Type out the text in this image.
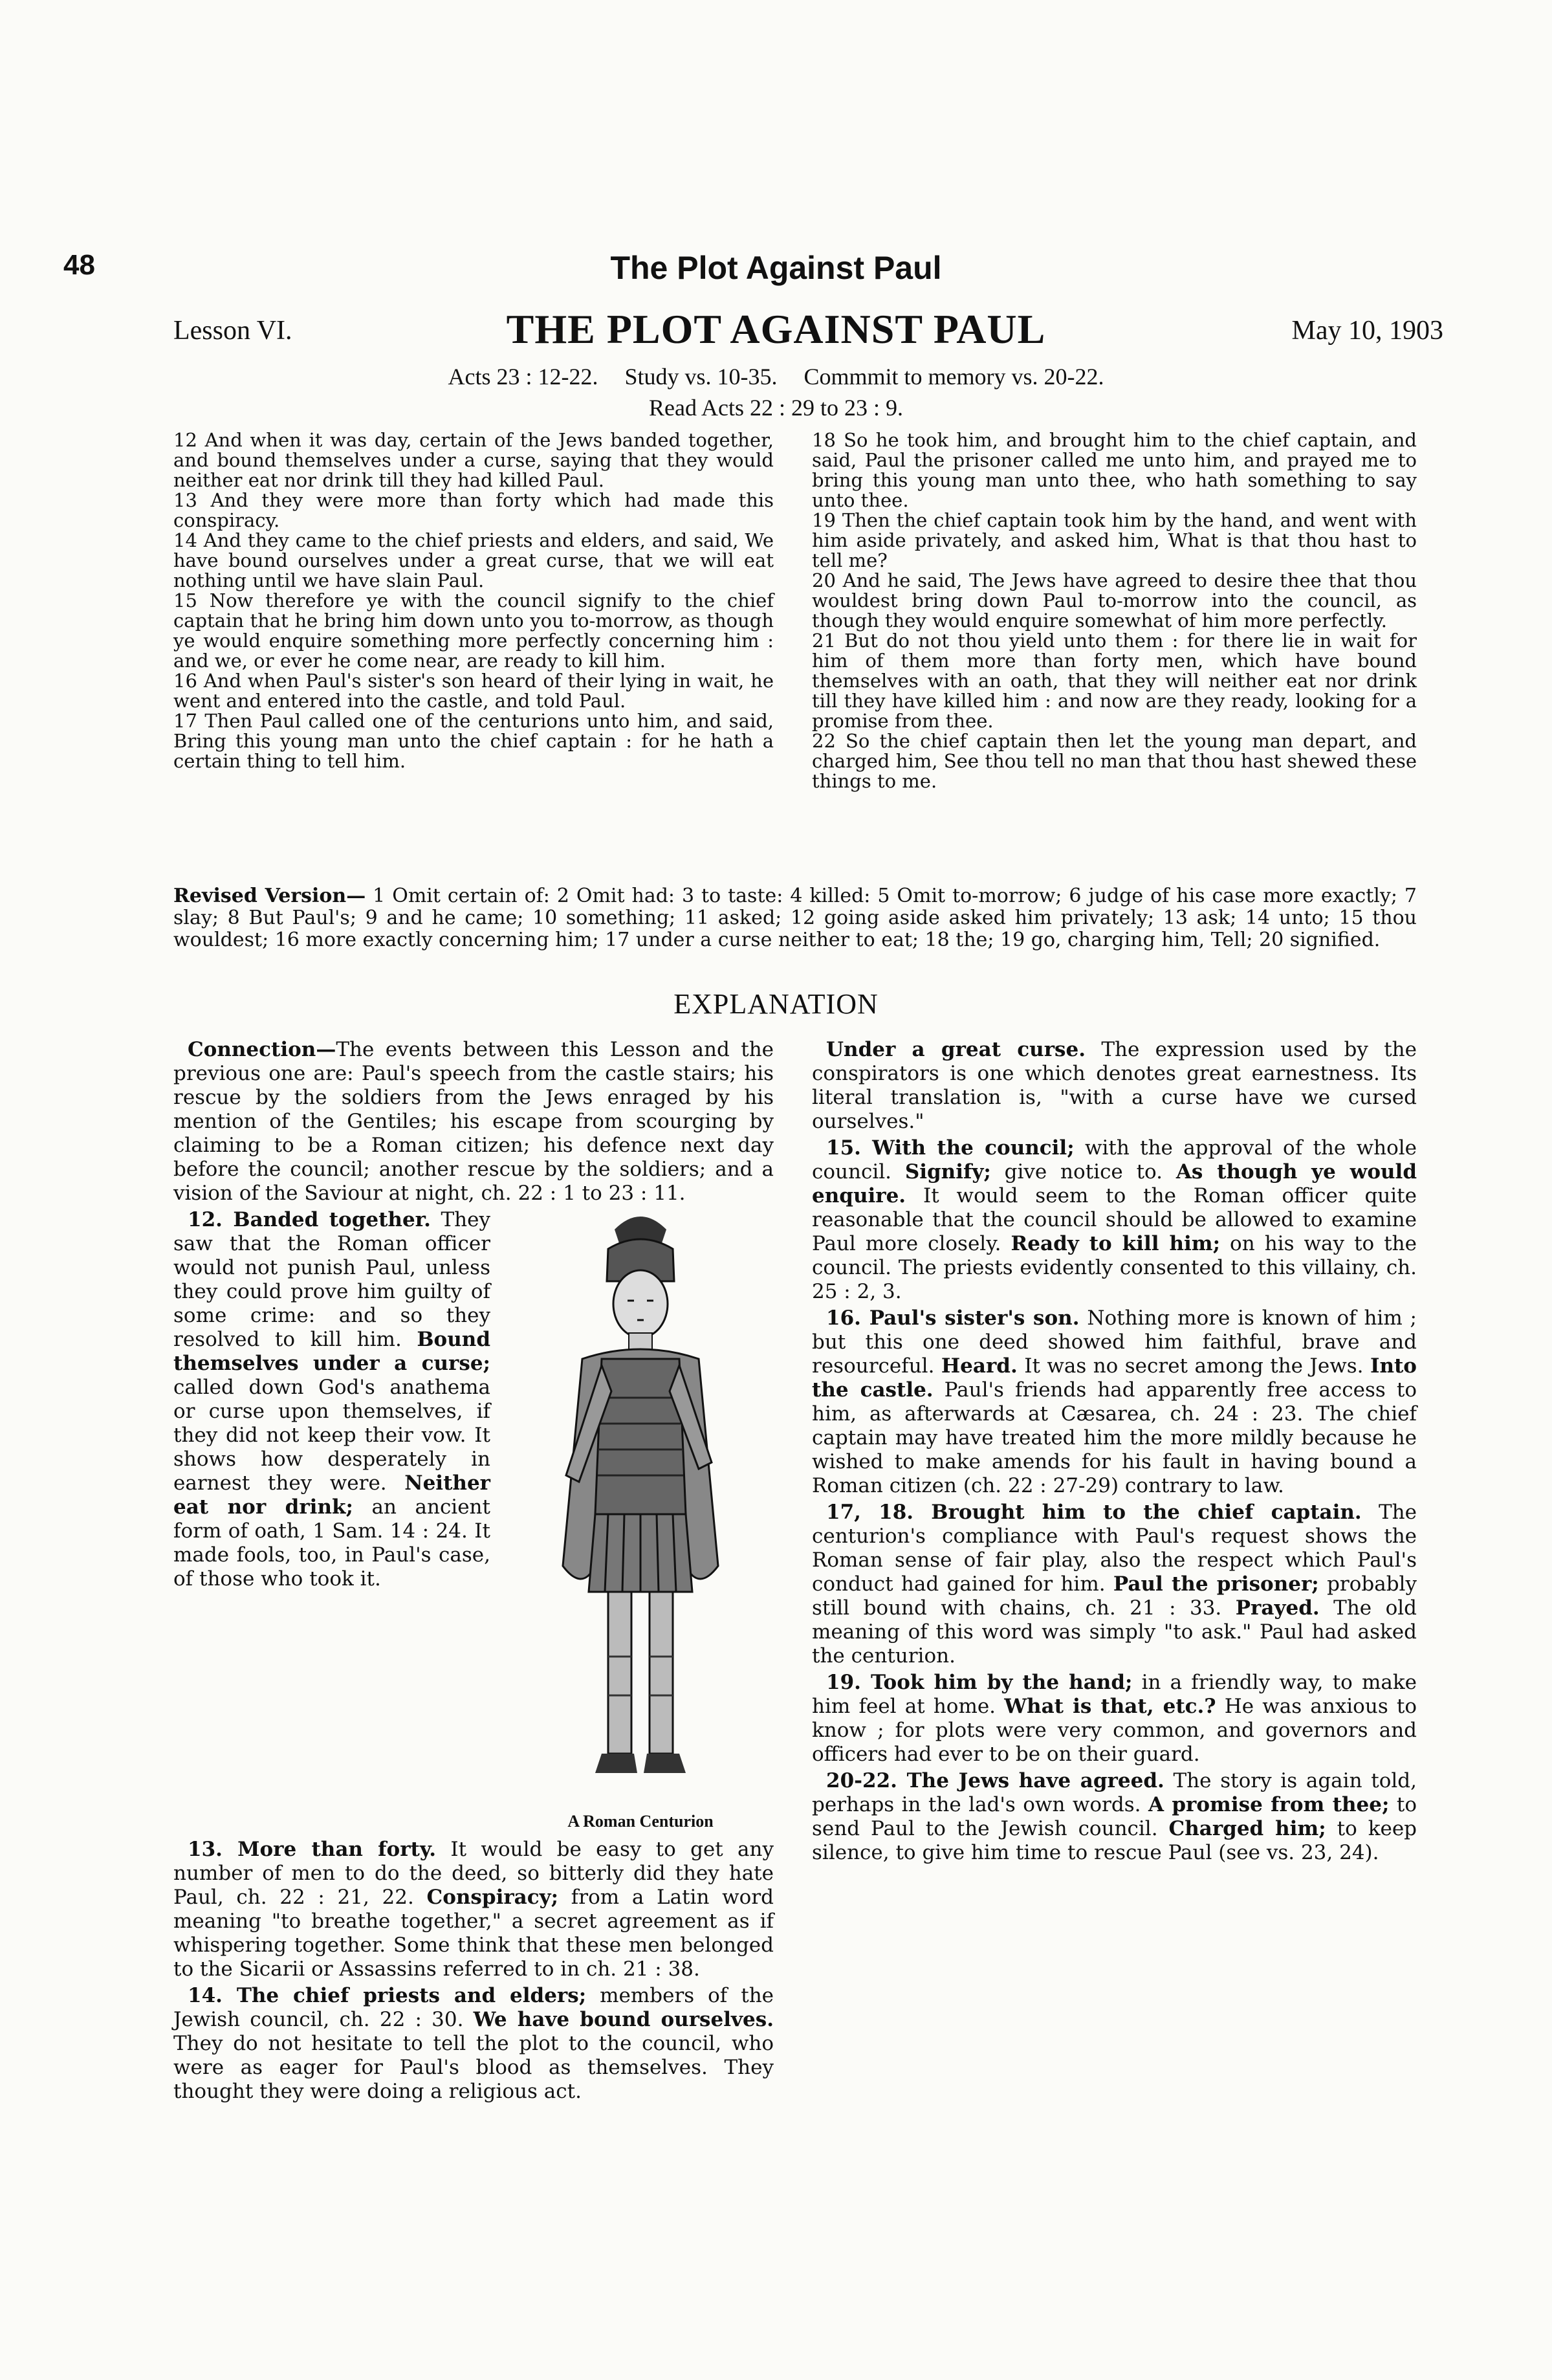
48	The Plot Against Paul
Lesson VI.	THE PLOT AGAINST PAUL	May 10, 1903
Acts 23 : 12-22. Study vs. 10-35. Commmit to memory vs. 20-22.
Read Acts 22 : 29 to 23 : 9.

12 And when it was day, certain of the Jews banded together, and bound themselves under a curse, saying that they would neither eat nor drink till they had killed Paul.

13 And they were more than forty which had made this conspiracy.

14 And they came to the chief priests and elders, and said, We have bound ourselves under a great curse, that we will eat nothing until we have slain Paul.

15 Now therefore ye with the council signify to the chief captain that he bring him down unto you to-morrow, as though ye would enquire something more perfectly concerning him : and we, or ever he come near, are ready to kill him.

16 And when Paul's sister's son heard of their lying in wait, he went and entered into the castle, and told Paul.

17 Then Paul called one of the centurions unto him, and said, Bring this young man unto the chief captain : for he hath a certain thing to tell him.

18 So he took him, and brought him to the chief captain, and said, Paul the prisoner called me unto him, and prayed me to bring this young man unto thee, who hath something to say unto thee.

19 Then the chief captain took him by the hand, and went with him aside privately, and asked him, What is that thou hast to tell me?

20 And he said, The Jews have agreed to desire thee that thou wouldest bring down Paul to-morrow into the council, as though they would enquire somewhat of him more perfectly.

21 But do not thou yield unto them : for there lie in wait for him of them more than forty men, which have bound themselves with an oath, that they will neither eat nor drink till they have killed him : and now are they ready, looking for a promise from thee.

22 So the chief captain then let the young man depart, and charged him, See thou tell no man that thou hast shewed these things to me.

Revised Version— 1 Omit certain of: 2 Omit had: 3 to taste: 4 killed: 5 Omit to-morrow; 6 judge of his case more exactly; 7 slay; 8 But Paul's; 9 and he came; 10 something; 11 asked; 12 going aside asked him privately; 13 ask; 14 unto; 15 thou wouldest; 16 more exactly concerning him; 17 under a curse neither to eat; 18 the; 19 go, charging him, Tell; 20 signified.
EXPLANATION

Connection—The events between this Lesson and the previous one are: Paul's speech from the castle stairs; his rescue by the soldiers from the Jews enraged by his mention of the Gentiles; his escape from scourging by claiming to be a Roman citizen; his defence next day before the council; another rescue by the soldiers; and a vision of the Saviour at night, ch. 22 : 1 to 23 : 11.

12. Banded together. They saw that the Roman officer would not punish Paul, unless they could prove him guilty of some crime: and so they resolved to kill him. Bound themselves under a curse; called down God's anathema or curse upon themselves, if they did not keep their vow. It shows how desperately in earnest they were. Neither eat nor drink; an ancient form of oath, 1 Sam. 14 : 24. It made fools, too, in Paul's case, of those who took it.

A Roman Centurion

13. More than forty. It would be easy to get any number of men to do the deed, so bitterly did they hate Paul, ch. 22 : 21, 22. Conspiracy; from a Latin word meaning "to breathe together," a secret agreement as if whispering together. Some think that these men belonged to the Sicarii or Assassins referred to in ch. 21 : 38.

14. The chief priests and elders; members of the Jewish council, ch. 22 : 30. We have bound ourselves. They do not hesitate to tell the plot to the council, who were as eager for Paul's blood as themselves. They thought they were doing a religious act.

Under a great curse. The expression used by the conspirators is one which denotes great earnestness. Its literal translation is, "with a curse have we cursed ourselves."

15. With the council; with the approval of the whole council. Signify; give notice to. As though ye would enquire. It would seem to the Roman officer quite reasonable that the council should be allowed to examine Paul more closely. Ready to kill him; on his way to the council. The priests evidently consented to this villainy, ch. 25 : 2, 3.

16. Paul's sister's son. Nothing more is known of him ; but this one deed showed him faithful, brave and resourceful. Heard. It was no secret among the Jews. Into the castle. Paul's friends had apparently free access to him, as afterwards at Cæsarea, ch. 24 : 23. The chief captain may have treated him the more mildly because he wished to make amends for his fault in having bound a Roman citizen (ch. 22 : 27-29) contrary to law.

17, 18. Brought him to the chief captain. The centurion's compliance with Paul's request shows the Roman sense of fair play, also the respect which Paul's conduct had gained for him. Paul the prisoner; probably still bound with chains, ch. 21 : 33. Prayed. The old meaning of this word was simply "to ask." Paul had asked the centurion.

19. Took him by the hand; in a friendly way, to make him feel at home. What is that, etc.? He was anxious to know ; for plots were very common, and governors and officers had ever to be on their guard.

20-22. The Jews have agreed. The story is again told, perhaps in the lad's own words. A promise from thee; to send Paul to the Jewish council. Charged him; to keep silence, to give him time to rescue Paul (see vs. 23, 24).
